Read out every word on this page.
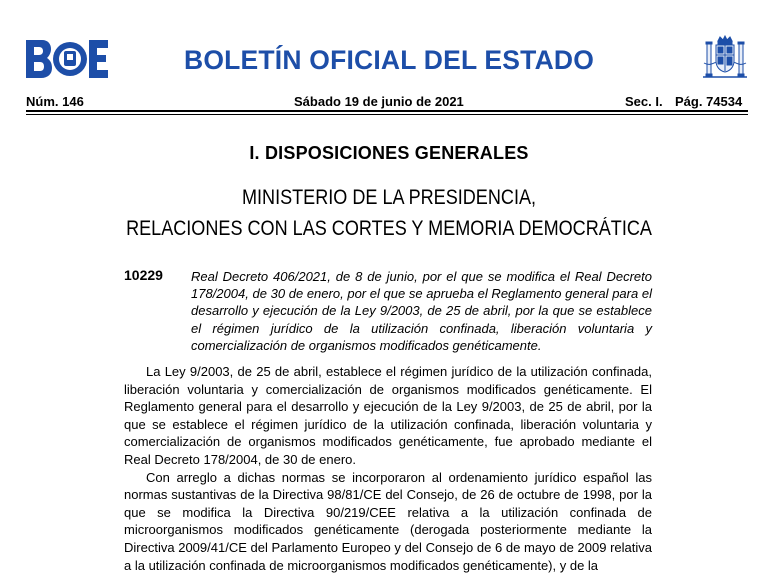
BOLETÍN OFICIAL DEL ESTADO
Núm. 146	Sábado 19 de junio de 2021	Sec. I. Pág. 74534
I. DISPOSICIONES GENERALES
MINISTERIO DE LA PRESIDENCIA,
RELACIONES CON LAS CORTES Y MEMORIA DEMOCRÁTICA
10229 Real Decreto 406/2021, de 8 de junio, por el que se modifica el Real Decreto 178/2004, de 30 de enero, por el que se aprueba el Reglamento general para el desarrollo y ejecución de la Ley 9/2003, de 25 de abril, por la que se establece el régimen jurídico de la utilización confinada, liberación voluntaria y comercialización de organismos modificados genéticamente.

La Ley 9/2003, de 25 de abril, establece el régimen jurídico de la utilización confinada, liberación voluntaria y comercialización de organismos modificados genéticamente. El Reglamento general para el desarrollo y ejecución de la Ley 9/2003, de 25 de abril, por la que se establece el régimen jurídico de la utilización confinada, liberación voluntaria y comercialización de organismos modificados genéticamente, fue aprobado mediante el Real Decreto 178/2004, de 30 de enero.

Con arreglo a dichas normas se incorporaron al ordenamiento jurídico español las normas sustantivas de la Directiva 98/81/CE del Consejo, de 26 de octubre de 1998, por la que se modifica la Directiva 90/219/CEE relativa a la utilización confinada de microorganismos modificados genéticamente (derogada posteriormente mediante la Directiva 2009/41/CE del Parlamento Europeo y del Consejo de 6 de mayo de 2009 relativa a la utilización confinada de microorganismos modificados genéticamente), y de la
